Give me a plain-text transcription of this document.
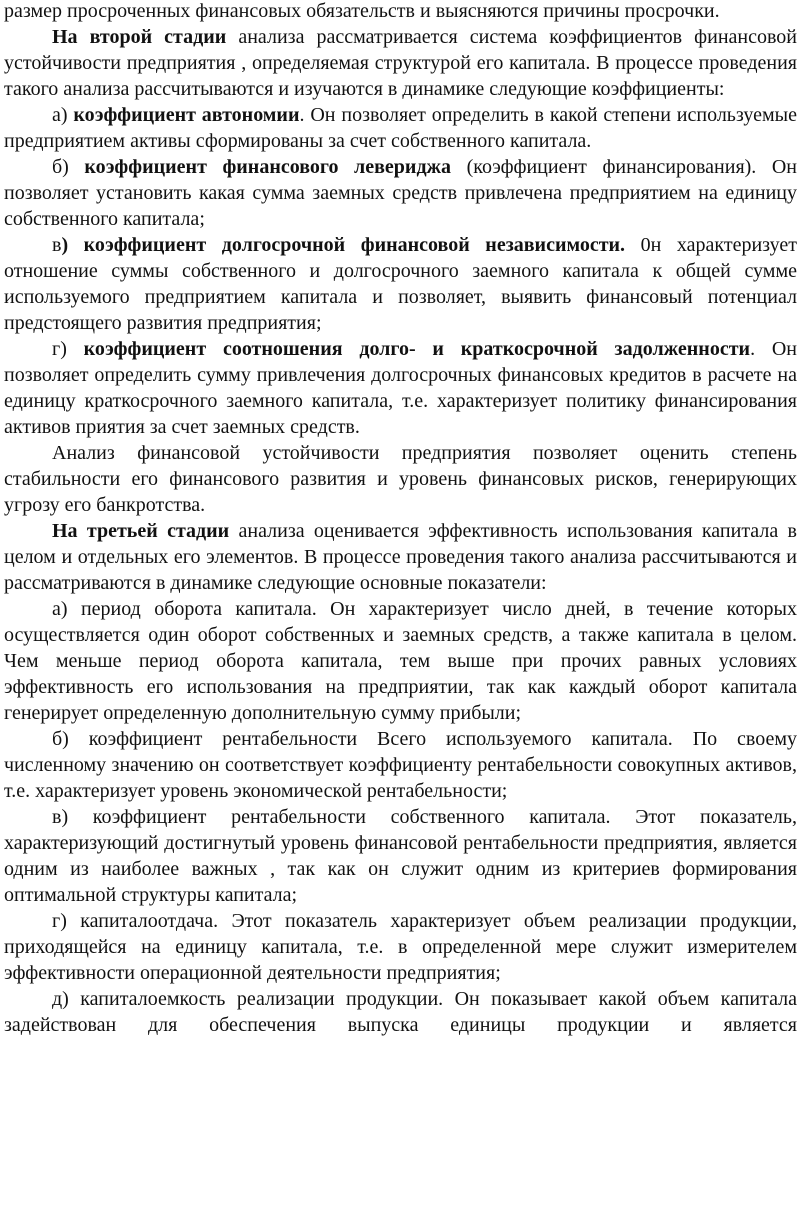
размер просроченных финансовых обязательств и выясняются причины просрочки.

На второй стадии анализа рассматривается система коэффициентов финансовой устойчивости предприятия , определяемая структурой его капитала. В процессе проведения такого анализа рассчитываются и изучаются в динамике следующие коэффициенты:

а) коэффициент автономии. Он позволяет определить в какой степени используемые предприятием активы сформированы за счет собственного капитала.

б) коэффициент финансового левериджа (коэффициент финансирования). Он позволяет установить какая сумма заемных средств привлечена предприятием на единицу собственного капитала;

в) коэффициент долгосрочной финансовой независимости. 0н характеризует отношение суммы собственного и долгосрочного заемного капитала к общей сумме используемого предприятием капитала и позволяет, выявить финансовый потенциал предстоящего развития предприятия;

г) коэффициент соотношения долго- и краткосрочной задолженности. Он позволяет определить сумму привлечения долгосрочных финансовых кредитов в расчете на единицу краткосрочного заемного капитала, т.е. характеризует политику финансирования активов приятия за счет заемных средств.

Анализ финансовой устойчивости предприятия позволяет оценить степень стабильности его финансового развития и уровень финансовых рисков, генерирующих угрозу его банкротства.

На третьей стадии анализа оценивается эффективность использования капитала в целом и отдельных его элементов. В процессе проведения такого анализа рассчитываются и рассматриваются в динамике следующие основные показатели:

а) период оборота капитала. Он характеризует число дней, в течение которых осуществляется один оборот собственных и заемных средств, а также капитала в целом. Чем меньше период оборота капитала, тем выше при прочих равных условиях эффективность его использования на предприятии, так как каждый оборот капитала генерирует определенную дополнительную сумму прибыли;

б) коэффициент рентабельности Всего используемого капитала. По своему численному значению он соответствует коэффициенту рентабельности совокупных активов, т.е. характеризует уровень экономической рентабельности;

в) коэффициент рентабельности собственного капитала. Этот показатель, характеризующий достигнутый уровень финансовой рентабельности предприятия, является одним из наиболее важных , так как он служит одним из критериев формирования оптимальной структуры капитала;

г) капиталоотдача. Этот показатель характеризует объем реализации продукции, приходящейся на единицу капитала, т.е. в определенной мере служит измерителем эффективности операционной деятельности предприятия;

д) капиталоемкость реализации продукции. Он показывает какой объем капитала задействован для обеспечения выпуска единицы продукции и является
